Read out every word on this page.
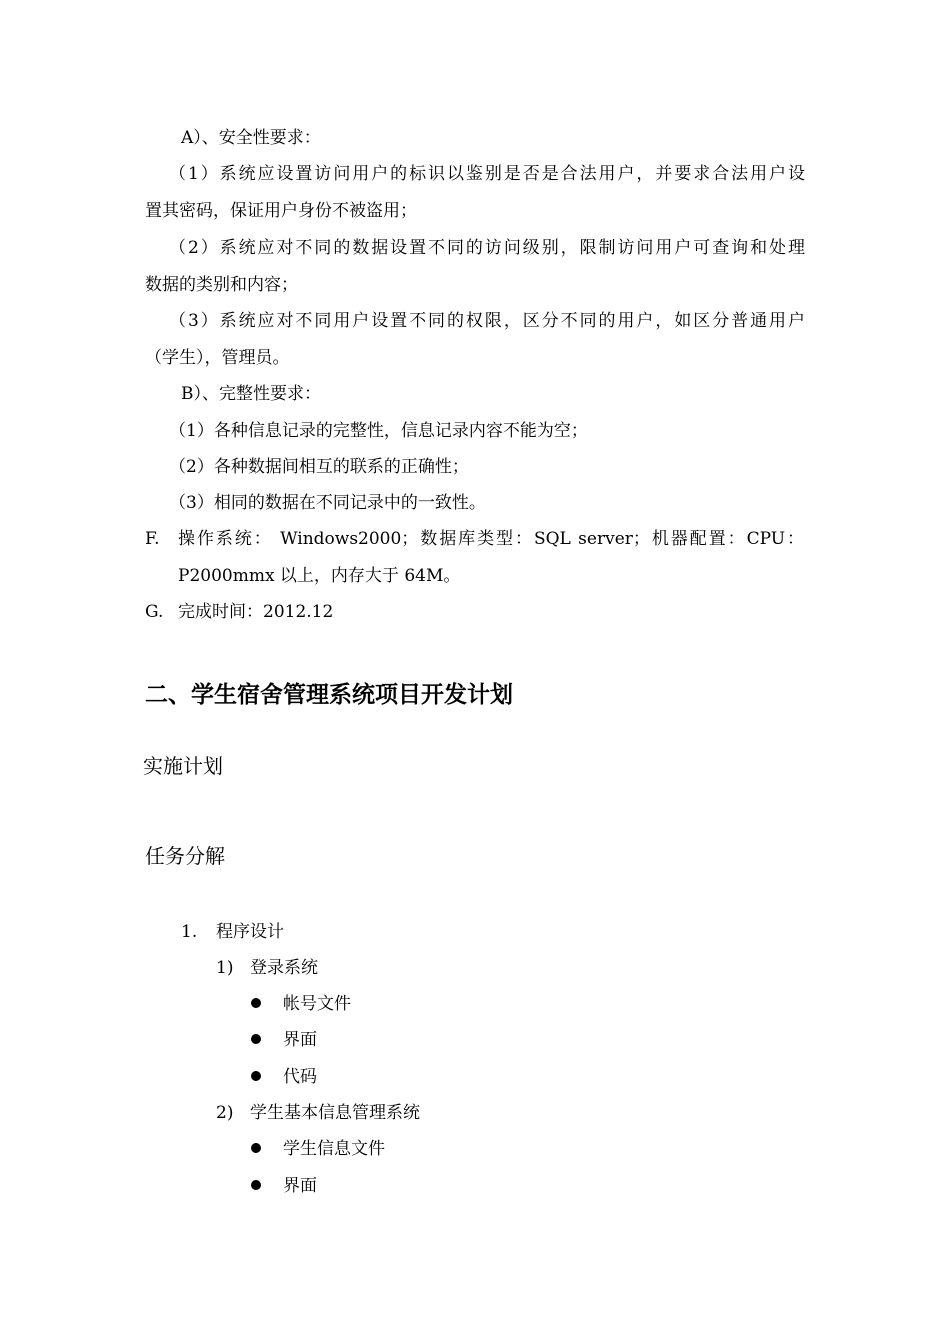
A）、安全性要求：
（1）系统应设置访问用户的标识以鉴别是否是合法用户，并要求合法用户设
置其密码，保证用户身份不被盗用；
（2）系统应对不同的数据设置不同的访问级别，限制访问用户可查询和处理
数据的类别和内容；
（3）系统应对不同用户设置不同的权限，区分不同的用户，如区分普通用户
（学生），管理员。
B）、完整性要求：
（1）各种信息记录的完整性，信息记录内容不能为空；
（2）各种数据间相互的联系的正确性；
（3）相同的数据在不同记录中的一致性。
F. 操作系统： Windows2000；数据库类型：SQL server；机器配置：CPU：
P2000mmx 以上，内存大于 64M。
G. 完成时间：2012.12
二、学生宿舍管理系统项目开发计划
实施计划
任务分解
1. 程序设计
1) 登录系统
帐号文件
界面
代码
2) 学生基本信息管理系统
学生信息文件
界面
